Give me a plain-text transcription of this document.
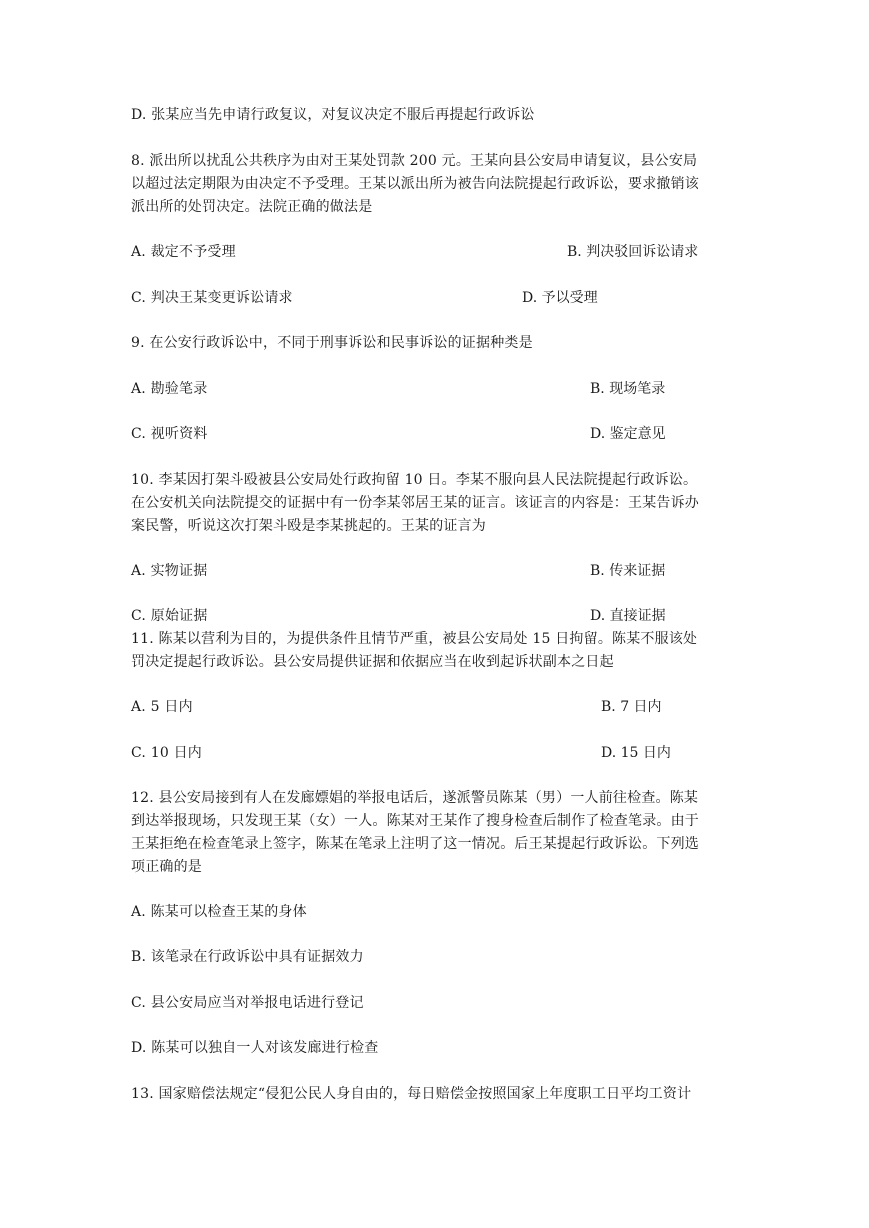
D. 张某应当先申请行政复议，对复议决定不服后再提起行政诉讼
8. 派出所以扰乱公共秩序为由对王某处罚款 200 元。王某向县公安局申请复议，县公安局
以超过法定期限为由决定不予受理。王某以派出所为被告向法院提起行政诉讼，要求撤销该
派出所的处罚决定。法院正确的做法是
A. 裁定不予受理	B. 判决驳回诉讼请求
C. 判决王某变更诉讼请求	D. 予以受理
9. 在公安行政诉讼中，不同于刑事诉讼和民事诉讼的证据种类是
A. 勘验笔录	B. 现场笔录
C. 视听资料	D. 鉴定意见
10. 李某因打架斗殴被县公安局处行政拘留 10 日。李某不服向县人民法院提起行政诉讼。
在公安机关向法院提交的证据中有一份李某邻居王某的证言。该证言的内容是：王某告诉办
案民警，听说这次打架斗殴是李某挑起的。王某的证言为
A. 实物证据	B. 传来证据
C. 原始证据	D. 直接证据
11. 陈某以营利为目的，为提供条件且情节严重，被县公安局处 15 日拘留。陈某不服该处
罚决定提起行政诉讼。县公安局提供证据和依据应当在收到起诉状副本之日起
A. 5 日内	B. 7 日内
C. 10 日内	D. 15 日内
12. 县公安局接到有人在发廊嫖娼的举报电话后，遂派警员陈某（男）一人前往检查。陈某
到达举报现场，只发现王某（女）一人。陈某对王某作了搜身检查后制作了检查笔录。由于
王某拒绝在检查笔录上签字，陈某在笔录上注明了这一情况。后王某提起行政诉讼。下列选
项正确的是
A. 陈某可以检查王某的身体
B. 该笔录在行政诉讼中具有证据效力
C. 县公安局应当对举报电话进行登记
D. 陈某可以独自一人对该发廊进行检查
13. 国家赔偿法规定“侵犯公民人身自由的，每日赔偿金按照国家上年度职工日平均工资计
